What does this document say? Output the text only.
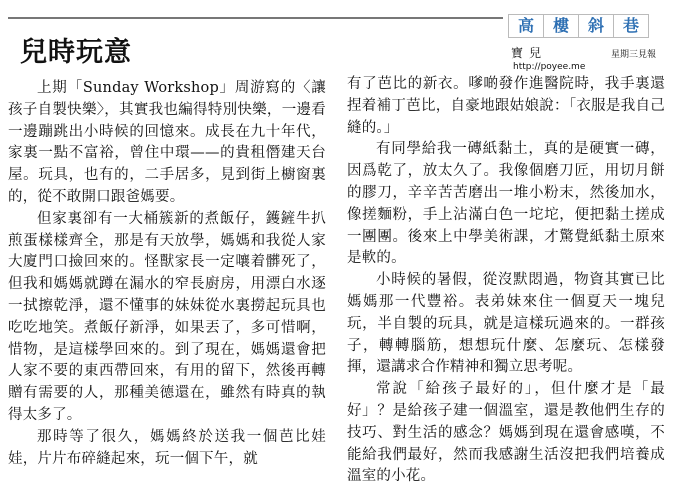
兒時玩意
高	樓	斜	巷
寶兒	星期三見報
http://poyee.me

上期「Sunday Workshop」周游寫的〈讓孩子自製快樂〉，其實我也編得特別快樂，一邊看一邊蹦跳出小時候的回憶來。成長在九十年代，家裏一點不富裕，曾住中環——的貴租僭建天台屋。玩具，也有的，二手居多，見到街上櫥窗裏的，從不敢開口跟爸媽要。

但家裏卻有一大桶簇新的煮飯仔，鑊鏟牛扒煎蛋樣樣齊全，那是有天放學，媽媽和我從人家大廈門口撿回來的。怪獸家長一定嚷着髒死了，但我和媽媽就蹲在漏水的窄長廚房，用漂白水逐一拭擦乾淨，還不懂事的妹妹從水裏撈起玩具也吃吃地笑。煮飯仔新淨，如果丟了，多可惜啊，惜物，是這樣學回來的。到了現在，媽媽還會把人家不要的東西帶回來，有用的留下，然後再轉贈有需要的人，那種美德還在，雖然有時真的執得太多了。

那時等了很久，媽媽終於送我一個芭比娃娃，片片布碎縫起來，玩一個下午，就

有了芭比的新衣。嗲啲發作進醫院時，我手裏還捏着補丁芭比，自豪地跟姑娘說：「衣服是我自己縫的。」

有同學給我一磚紙黏土，真的是硬實一磚，因爲乾了，放太久了。我像個磨刀匠，用切月餅的膠刀，辛辛苦苦磨出一堆小粉末，然後加水，像搓麵粉，手上沾滿白色一坨坨，便把黏土搓成一團團。後來上中學美術課，才驚覺紙黏土原來是軟的。

小時候的暑假，從沒默悶過，物資其實已比媽媽那一代豐裕。表弟妹來住一個夏天一塊兒玩，半自製的玩具，就是這樣玩過來的。一群孩子，轉轉腦筋，想想玩什麼、怎麼玩、怎樣發揮，還講求合作精神和獨立思考呢。

常說「給孩子最好的」，但什麼才是「最好」？是給孩子建一個溫室，還是教他們生存的技巧、對生活的感念？媽媽到現在還會感嘆，不能給我們最好，然而我感謝生活沒把我們培養成溫室的小花。
